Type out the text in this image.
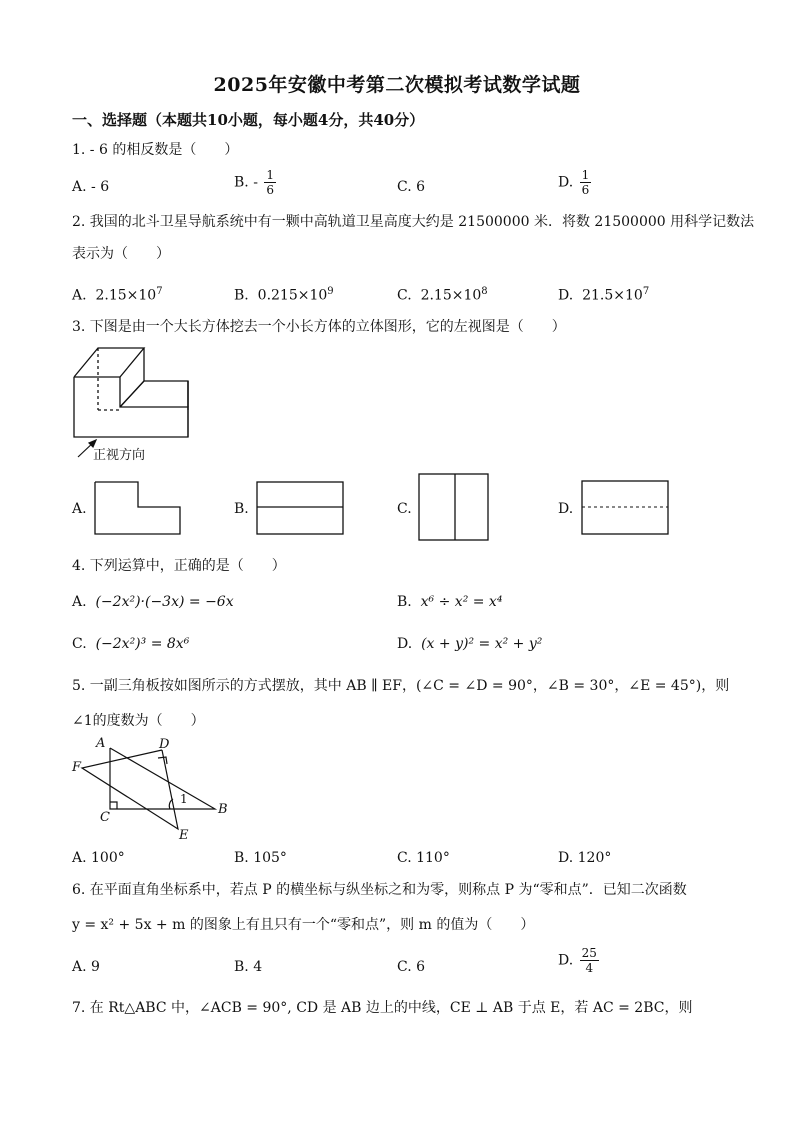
2025年安徽中考第二次模拟考试数学试题
一、选择题（本题共10小题，每小题4分，共40分）
1. - 6 的相反数是（　　）
A. - 6	B. - $\frac{1}{6}$	C. 6	D. $\frac{1}{6}$
2. 我国的北斗卫星导航系统中有一颗中高轨道卫星高度大约是 21500000 米．将数 21500000 用科学记数法
表示为（　　）
A. $2.15\times 10^7$	B. $0.215\times 10^9$	C. $2.15\times 10^8$	D. $21.5\times 10^7$
3. 下图是由一个大长方体挖去一个小长方体的立体图形，它的左视图是（　　）
正视方向
A.	B.	C.	D.
4. 下列运算中，正确的是（　　）
A. (−2x²)·(−3x) = −6x	B. x⁶ ÷ x² = x⁴
C. (−2x²)³ = 8x⁶	D. (x + y)² = x² + y²
5. 一副三角板按如图所示的方式摆放，其中 AB ∥ EF，(∠C = ∠D = 90°，∠B = 30°，∠E = 45°)，则
∠1的度数为（　　）
A	D
F
C
B
E
1
A. 100°	B. 105°	C. 110°	D. 120°
6. 在平面直角坐标系中，若点 P 的横坐标与纵坐标之和为零，则称点 P 为“零和点”．已知二次函数
y = x² + 5x + m 的图象上有且只有一个“零和点”，则 m 的值为（　　）
A. 9	B. 4	C. 6	D. $\frac{25}{4}$
7. 在 Rt△ABC 中，∠ACB = 90°, CD 是 AB 边上的中线，CE ⊥ AB 于点 E，若 AC = 2BC，则
